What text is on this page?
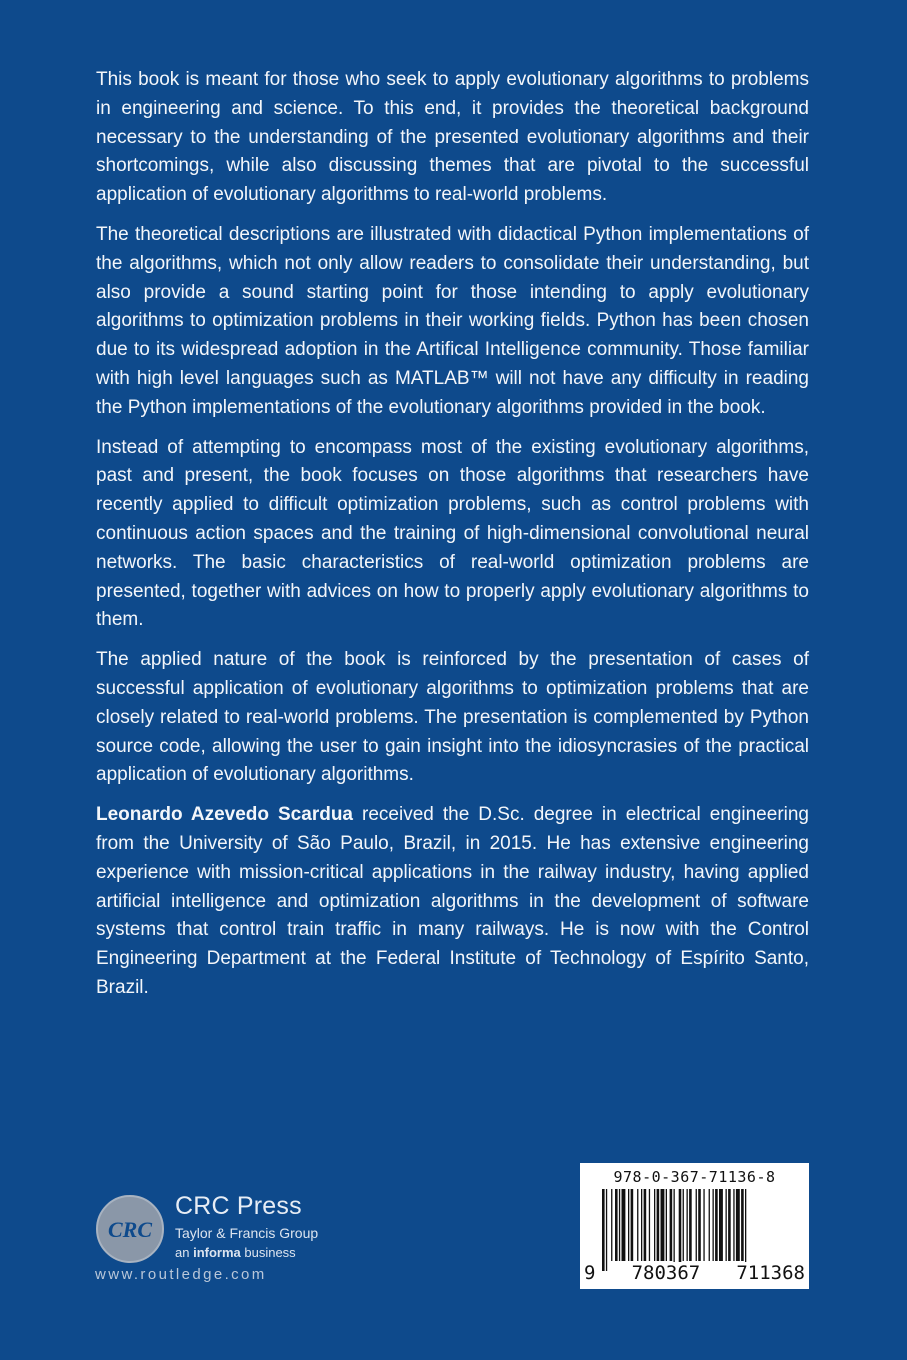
This book is meant for those who seek to apply evolutionary algorithms to problems in engineering and science. To this end, it provides the theoretical background necessary to the understanding of the presented evolutionary algorithms and their shortcomings, while also discussing themes that are pivotal to the successful application of evolutionary algorithms to real-world problems.

The theoretical descriptions are illustrated with didactical Python implementations of the algorithms, which not only allow readers to consolidate their understanding, but also provide a sound starting point for those intending to apply evolutionary algorithms to optimization problems in their working fields. Python has been chosen due to its widespread adoption in the Artifical Intelligence community. Those familiar with high level languages such as MATLAB™ will not have any difficulty in reading the Python implementations of the evolutionary algorithms provided in the book.

Instead of attempting to encompass most of the existing evolutionary algorithms, past and present, the book focuses on those algorithms that researchers have recently applied to difficult optimization problems, such as control problems with continuous action spaces and the training of high-dimensional convolutional neural networks. The basic characteristics of real-world optimization problems are presented, together with advices on how to properly apply evolutionary algorithms to them.

The applied nature of the book is reinforced by the presentation of cases of successful application of evolutionary algorithms to optimization problems that are closely related to real-world problems. The presentation is complemented by Python source code, allowing the user to gain insight into the idiosyncrasies of the practical application of evolutionary algorithms.

Leonardo Azevedo Scardua received the D.Sc. degree in electrical engineering from the University of São Paulo, Brazil, in 2015. He has extensive engineering experience with mission-critical applications in the railway industry, having applied artificial intelligence and optimization algorithms in the development of software systems that control train traffic in many railways. He is now with the Control Engineering Department at the Federal Institute of Technology of Espírito Santo, Brazil.

CRC
CRC Press
Taylor & Francis Group
an informa business
www.routledge.com
978-0-367-71136-8
9 780367 711368
